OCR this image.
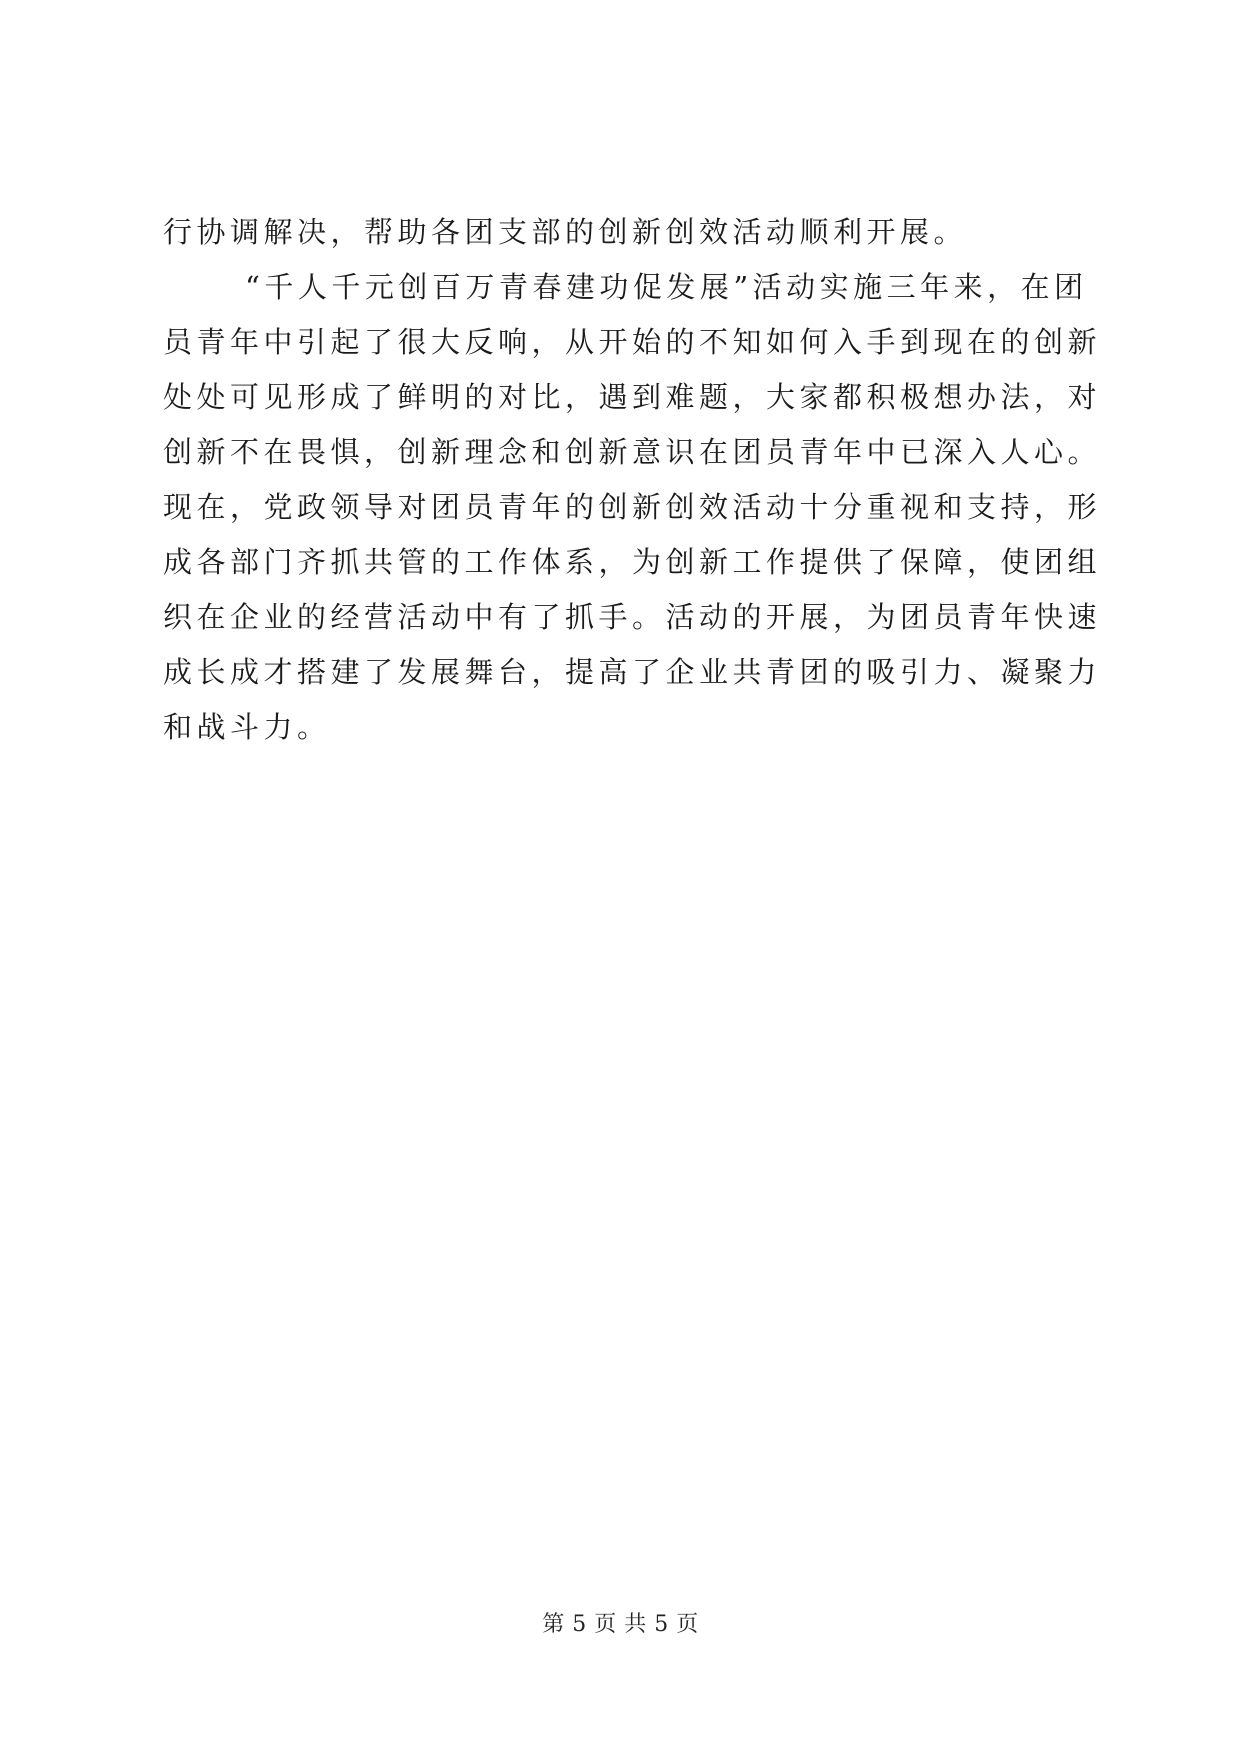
行协调解决，帮助各团支部的创新创效活动顺利开展。
“千人千元创百万青春建功促发展”活动实施三年来，在团
员青年中引起了很大反响，从开始的不知如何入手到现在的创新
处处可见形成了鲜明的对比，遇到难题，大家都积极想办法，对
创新不在畏惧，创新理念和创新意识在团员青年中已深入人心。
现在，党政领导对团员青年的创新创效活动十分重视和支持，形
成各部门齐抓共管的工作体系，为创新工作提供了保障，使团组
织在企业的经营活动中有了抓手。活动的开展，为团员青年快速
成长成才搭建了发展舞台，提高了企业共青团的吸引力、凝聚力
和战斗力。
第 5 页 共 5 页
